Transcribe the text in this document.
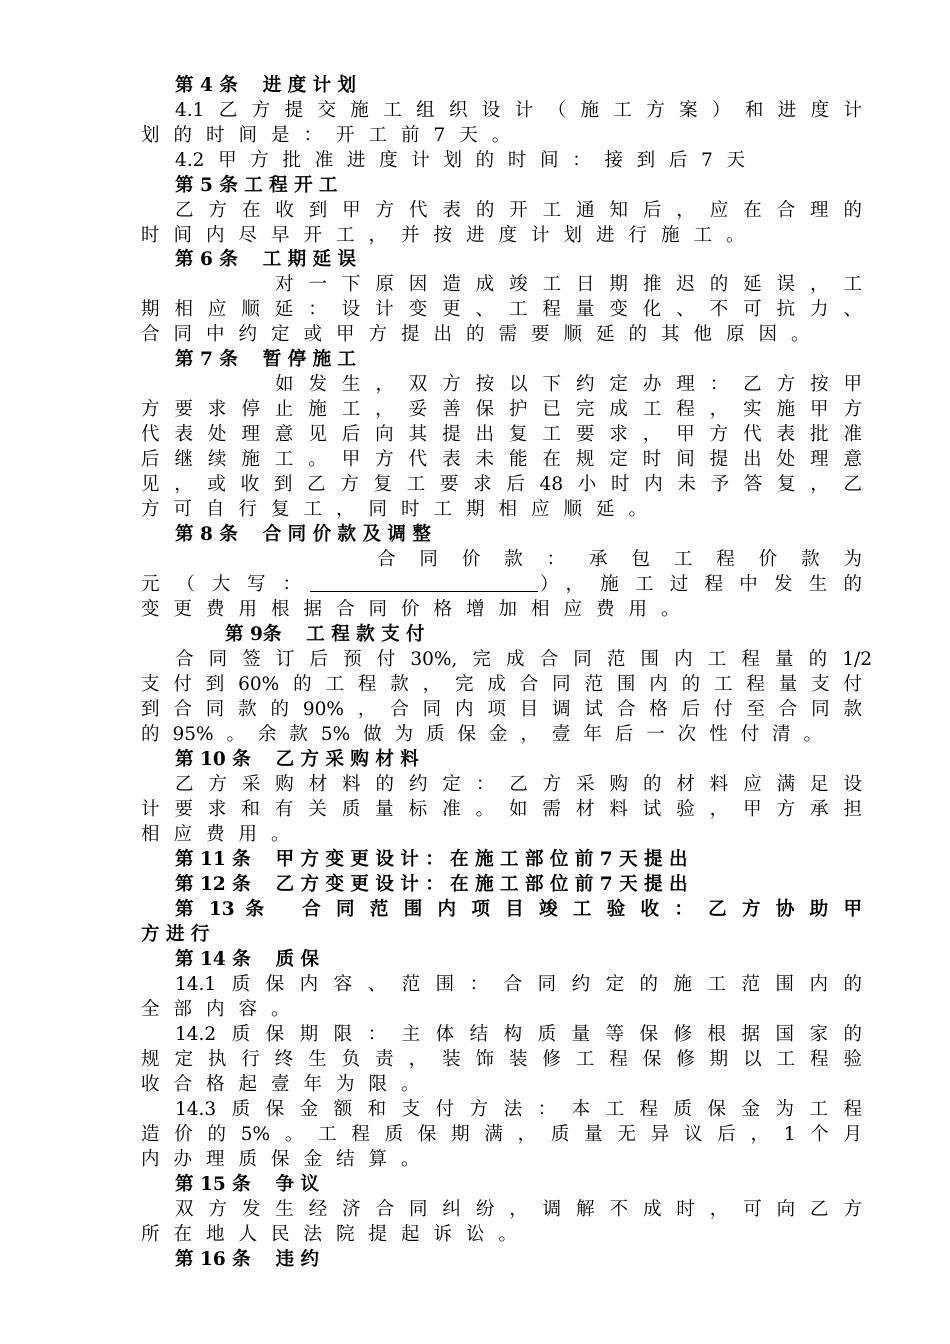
第 4 条　 进 度 计 划
4.1乙方提交施工组织设计（施工方案）和进度计
划的时间是：开工前7天。
4.2甲方批准进度计划的时间：接到后7天
第 5 条 工 程 开 工
乙方在收到甲方代表的开工通知后，应在合理的
时间内尽早开工，并按进度计划进行施工。
第 6 条　 工 期 延 误
对一下原因造成竣工日期推迟的延误，工
期相应顺延：设计变更、工程量变化、不可抗力、
合同中约定或甲方提出的需要顺延的其他原因。
第 7 条　 暂 停 施 工
如发生，双方按以下约定办理：乙方按甲
方要求停止施工，妥善保护已完成工程，实施甲方
代表处理意见后向其提出复工要求，甲方代表批准
后继续施工。甲方代表未能在规定时间提出处理意
见，或收到乙方复工要求后48小时内未予答复，乙
方可自行复工，同时工期相应顺延。
第 8 条　 合 同 价 款 及 调 整
合同价款：承包工程价款为
元（大写：	），施工过程中发生的
变更费用根据合同价格增加相应费用。
第 9条　 工 程 款 支 付
合同签订后预付30%,完成合同范围内工程量的1/2
支付到60%的工程款，完成合同范围内的工程量支付
到合同款的90%，合同内项目调试合格后付至合同款
的95%。余款5%做为质保金，壹年后一次性付清。
第 10 条　 乙 方 采 购 材 料
乙方采购材料的约定：乙方采购的材料应满足设
计要求和有关质量标准。如需材料试验，甲方承担
相应费用。
第 11 条　 甲 方 变 更 设 计 ： 在 施 工 部 位 前 7 天 提 出
第 12 条　 乙 方 变 更 设 计 ： 在 施 工 部 位 前 7 天 提 出
第 13 条　 合 同 范 围 内 项 目 竣 工 验 收 ： 乙 方 协 助 甲
方 进 行
第 14 条　 质 保
14.1质保内容、范围：合同约定的施工范围内的
全部内容。
14.2质保期限：主体结构质量等保修根据国家的
规定执行终生负责，装饰装修工程保修期以工程验
收合格起壹年为限。
14.3质保金额和支付方法：本工程质保金为工程
造价的5%。工程质保期满，质量无异议后，1个月
内办理质保金结算。
第 15 条　 争 议
双方发生经济合同纠纷，调解不成时，可向乙方
所在地人民法院提起诉讼。
第 16 条　 违 约
